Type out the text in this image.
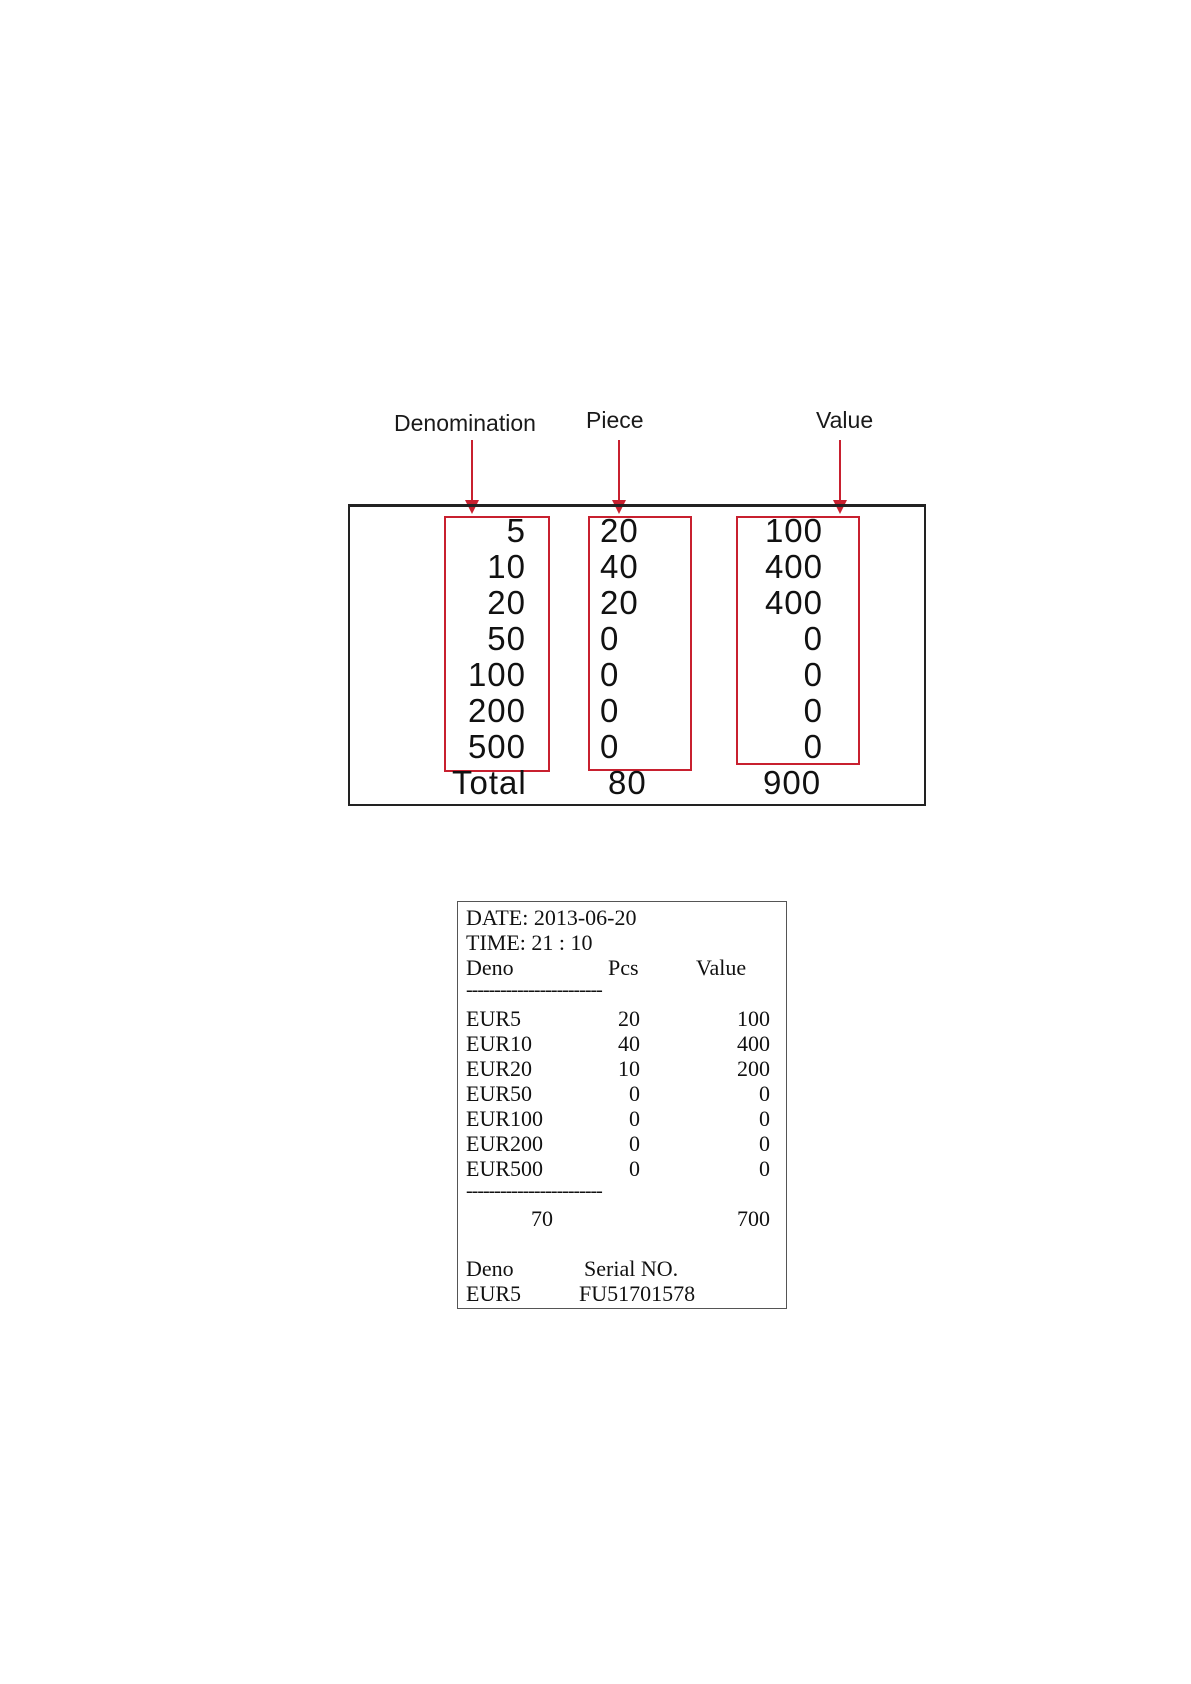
Denomination Piece	Value
5 20	100
10 40	400
20 20	400
50 0	0
100 0	0
200 0	0
500 0	0
Total 80	900
DATE: 2013-06-20
TIME: 21 : 10
Deno	Pcs	Value
------------------------
EUR5	20	100
EUR10	40	400
EUR20	10	200
EUR50	0	0
EUR100	0	0
EUR200	0	0
EUR500	0	0
------------------------
70	700
Deno	Serial NO.
EUR5	FU51701578
